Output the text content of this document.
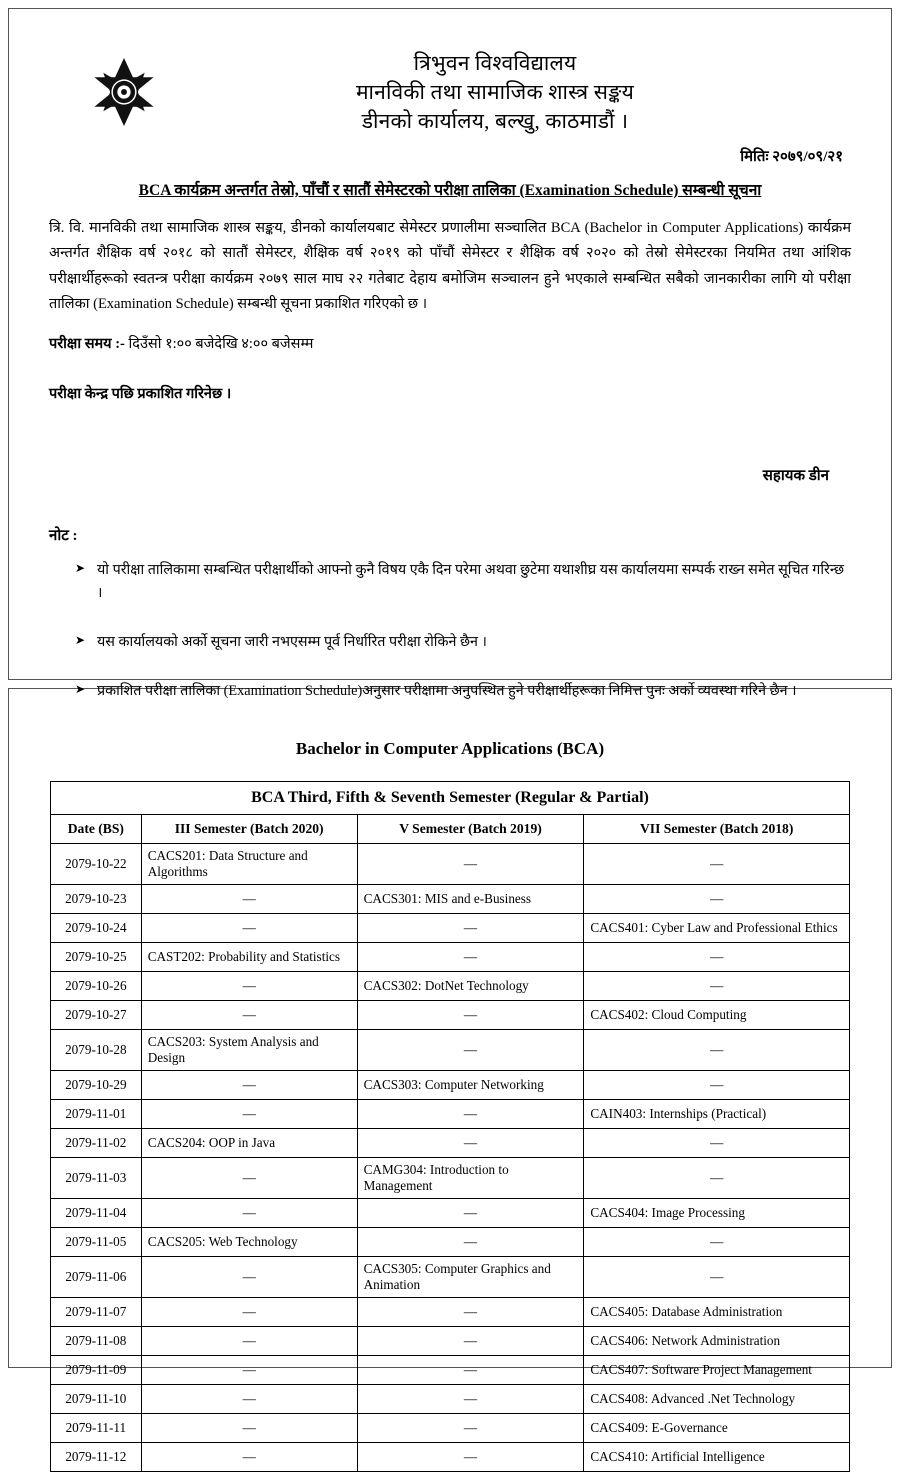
त्रिभुवन विश्वविद्यालय
मानविकी तथा सामाजिक शास्त्र सङ्कय
डीनको कार्यालय, बल्खु, काठमाडौं ।
मितिः २०७९/०९/२१
BCA कार्यक्रम अन्तर्गत तेस्रो, पाँचौं र सातौं सेमेस्टरको परीक्षा तालिका (Examination Schedule) सम्बन्धी सूचना
त्रि. वि. मानविकी तथा सामाजिक शास्त्र सङ्कय, डीनको कार्यालयबाट सेमेस्टर प्रणालीमा सञ्चालित BCA (Bachelor in Computer Applications) कार्यक्रम अन्तर्गत शैक्षिक वर्ष २०१८ को सातौं सेमेस्टर, शैक्षिक वर्ष २०१९ को पाँचौं सेमेस्टर र शैक्षिक वर्ष २०२० को तेस्रो सेमेस्टरका नियमित तथा आंशिक परीक्षार्थीहरूको स्वतन्त्र परीक्षा कार्यक्रम २०७९ साल माघ २२ गतेबाट देहाय बमोजिम सञ्चालन हुने भएकाले सम्बन्धित सबैको जानकारीका लागि यो परीक्षा तालिका (Examination Schedule) सम्बन्धी सूचना प्रकाशित गरिएको छ ।
परीक्षा समय :- दिउँसो १:०० बजेदेखि ४:०० बजेसम्म
परीक्षा केन्द्र पछि प्रकाशित गरिनेछ ।
सहायक डीन
नोट :
➤ यो परीक्षा तालिकामा सम्बन्धित परीक्षार्थीको आफ्नो कुनै विषय एकै दिन परेमा अथवा छुटेमा यथाशीघ्र यस कार्यालयमा सम्पर्क राख्न समेत सूचित गरिन्छ ।
➤ यस कार्यालयको अर्को सूचना जारी नभएसम्म पूर्व निर्धारित परीक्षा रोकिने छैन ।
➤ प्रकाशित परीक्षा तालिका (Examination Schedule)अनुसार परीक्षामा अनुपस्थित हुने परीक्षार्थीहरूका निमित्त पुनः अर्को व्यवस्था गरिने छैन ।
Bachelor in Computer Applications (BCA)
BCA Third, Fifth & Seventh Semester (Regular & Partial)			
Date (BS)	III Semester (Batch 2020)	V Semester (Batch 2019)	VII Semester (Batch 2018)
2079-10-22	CACS201: Data Structure and Algorithms	—	—
2079-10-23	—	CACS301: MIS and e-Business	—
2079-10-24	—	—	CACS401: Cyber Law and Professional Ethics
2079-10-25	CAST202: Probability and Statistics	—	—
2079-10-26	—	CACS302: DotNet Technology	—
2079-10-27	—	—	CACS402: Cloud Computing
2079-10-28	CACS203: System Analysis and Design	—	—
2079-10-29	—	CACS303: Computer Networking	—
2079-11-01	—	—	CAIN403: Internships (Practical)
2079-11-02	CACS204: OOP in Java	—	—
2079-11-03	—	CAMG304: Introduction to Management	—
2079-11-04	—	—	CACS404: Image Processing
2079-11-05	CACS205: Web Technology	—	—
2079-11-06	—	CACS305: Computer Graphics and Animation	—
2079-11-07	—	—	CACS405: Database Administration
2079-11-08	—	—	CACS406: Network Administration
2079-11-09	—	—	CACS407: Software Project Management
2079-11-10	—	—	CACS408: Advanced .Net Technology
2079-11-11	—	—	CACS409: E-Governance
2079-11-12	—	—	CACS410: Artificial Intelligence
